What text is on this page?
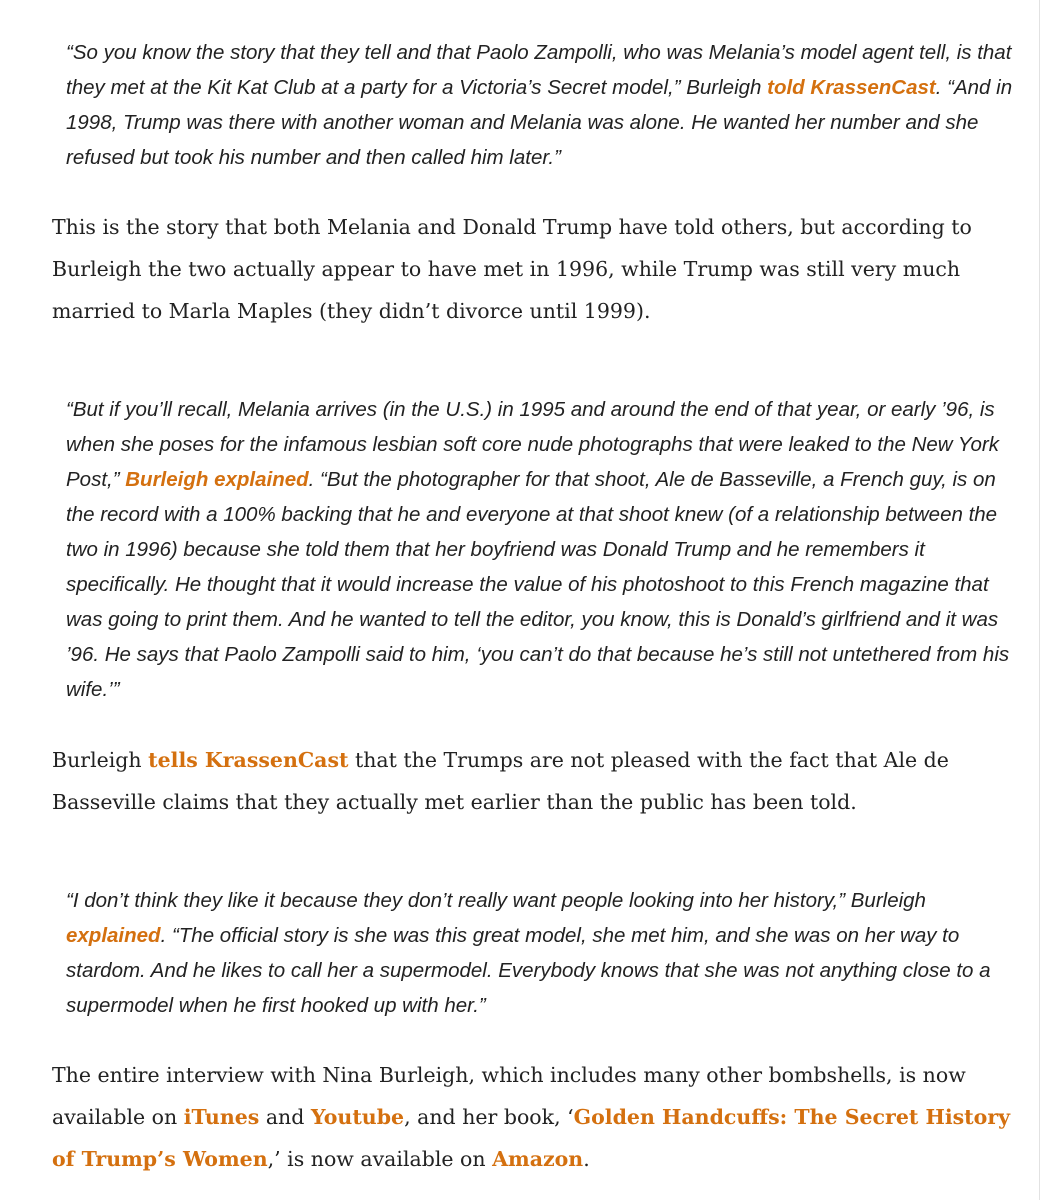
“So you know the story that they tell and that Paolo Zampolli, who was Melania’s model agent tell, is that they met at the Kit Kat Club at a party for a Victoria’s Secret model,” Burleigh told KrassenCast. “And in 1998, Trump was there with another woman and Melania was alone. He wanted her number and she refused but took his number and then called him later.”

This is the story that both Melania and Donald Trump have told others, but according to Burleigh the two actually appear to have met in 1996, while Trump was still very much married to Marla Maples (they didn’t divorce until 1999).

“But if you’ll recall, Melania arrives (in the U.S.) in 1995 and around the end of that year, or early ’96, is when she poses for the infamous lesbian soft core nude photographs that were leaked to the New York Post,” Burleigh explained. “But the photographer for that shoot, Ale de Basseville, a French guy, is on the record with a 100% backing that he and everyone at that shoot knew (of a relationship between the two in 1996) because she told them that her boyfriend was Donald Trump and he remembers it specifically. He thought that it would increase the value of his photoshoot to this French magazine that was going to print them. And he wanted to tell the editor, you know, this is Donald’s girlfriend and it was ’96. He says that Paolo Zampolli said to him, ‘you can’t do that because he’s still not untethered from his wife.’”

Burleigh tells KrassenCast that the Trumps are not pleased with the fact that Ale de Basseville claims that they actually met earlier than the public has been told.

“I don’t think they like it because they don’t really want people looking into her history,” Burleigh explained. “The official story is she was this great model, she met him, and she was on her way to stardom. And he likes to call her a supermodel. Everybody knows that she was not anything close to a supermodel when he first hooked up with her.”

The entire interview with Nina Burleigh, which includes many other bombshells, is now available on iTunes and Youtube, and her book, ‘Golden Handcuffs: The Secret History of Trump’s Women,’ is now available on Amazon.
